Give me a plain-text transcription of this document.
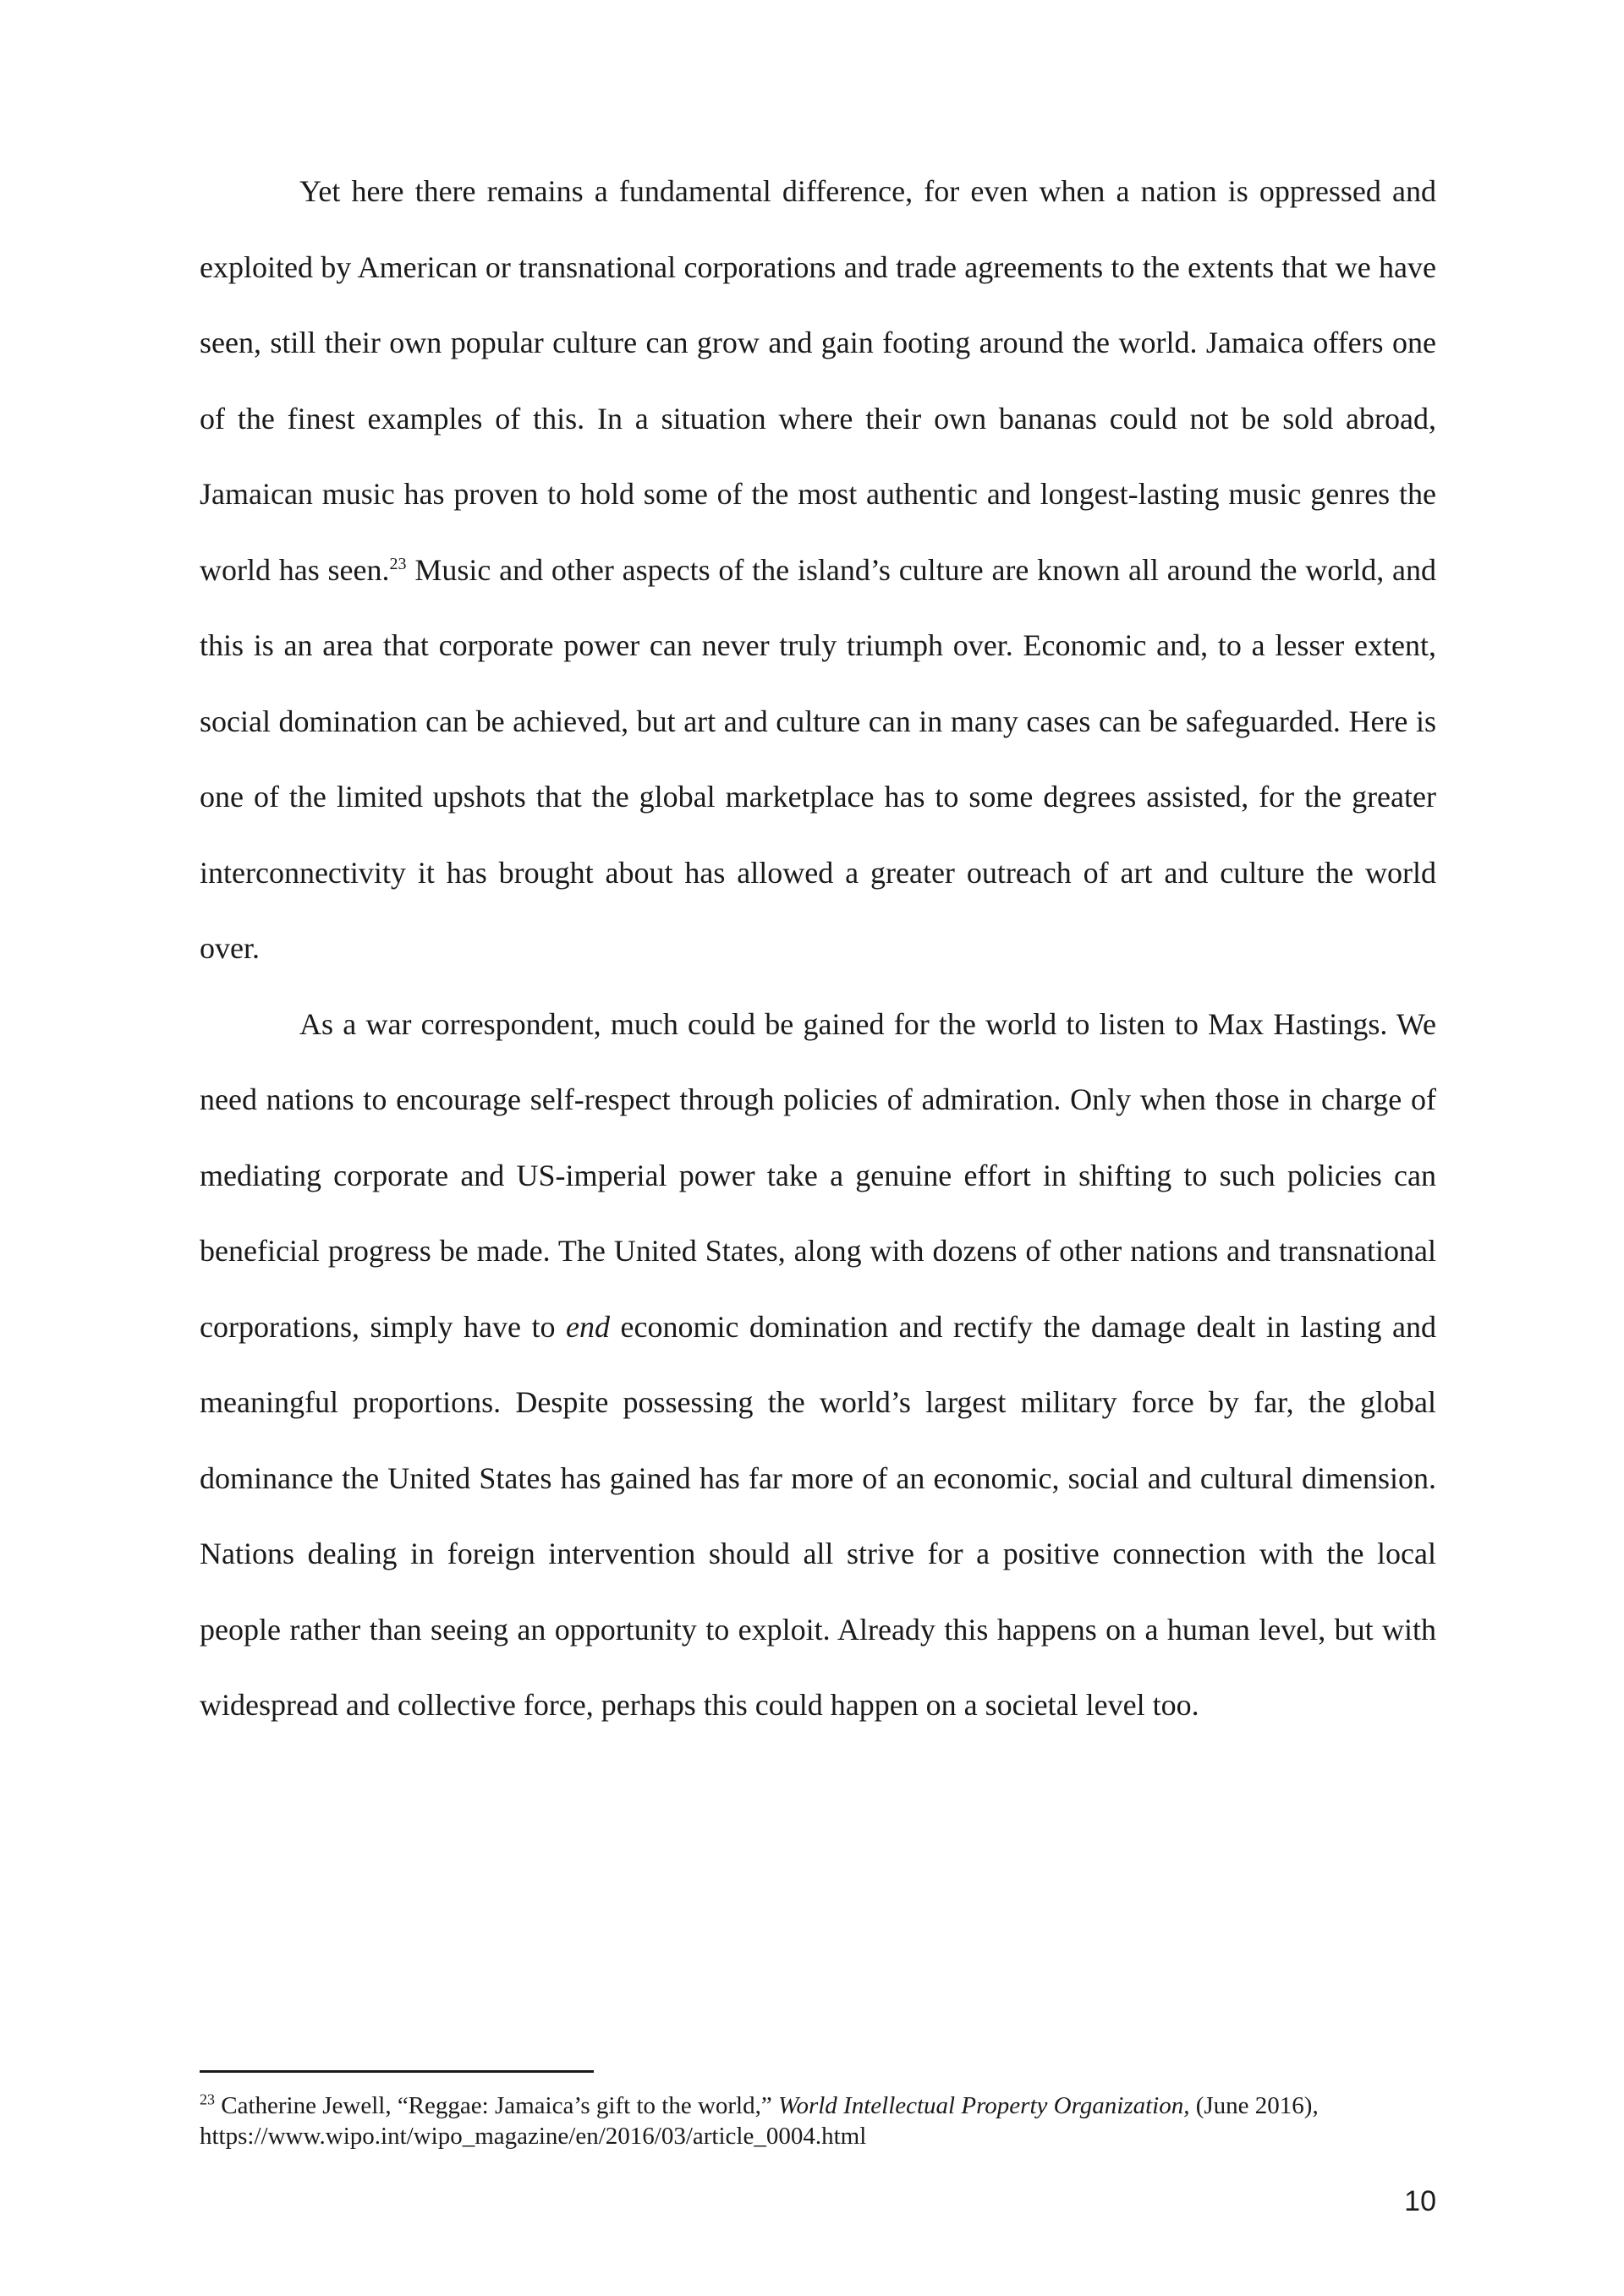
Yet here there remains a fundamental difference, for even when a nation is oppressed and exploited by American or transnational corporations and trade agreements to the extents that we have seen, still their own popular culture can grow and gain footing around the world. Jamaica offers one of the finest examples of this. In a situation where their own bananas could not be sold abroad, Jamaican music has proven to hold some of the most authentic and longest-lasting music genres the world has seen.$^{23}$ Music and other aspects of the island’s culture are known all around the world, and this is an area that corporate power can never truly triumph over. Economic and, to a lesser extent, social domination can be achieved, but art and culture can in many cases can be safeguarded. Here is one of the limited upshots that the global marketplace has to some degrees assisted, for the greater interconnectivity it has brought about has allowed a greater outreach of art and culture the world over.

As a war correspondent, much could be gained for the world to listen to Max Hastings. We need nations to encourage self-respect through policies of admiration. Only when those in charge of mediating corporate and US-imperial power take a genuine effort in shifting to such policies can beneficial progress be made. The United States, along with dozens of other nations and transnational corporations, simply have to end economic domination and rectify the damage dealt in lasting and meaningful proportions. Despite possessing the world’s largest military force by far, the global dominance the United States has gained has far more of an economic, social and cultural dimension. Nations dealing in foreign intervention should all strive for a positive connection with the local people rather than seeing an opportunity to exploit. Already this happens on a human level, but with widespread and collective force, perhaps this could happen on a societal level too.

$^{23}$ Catherine Jewell, “Reggae: Jamaica’s gift to the world,” World Intellectual Property Organization, (June 2016), https://www.wipo.int/wipo_magazine/en/2016/03/article_0004.html
10
